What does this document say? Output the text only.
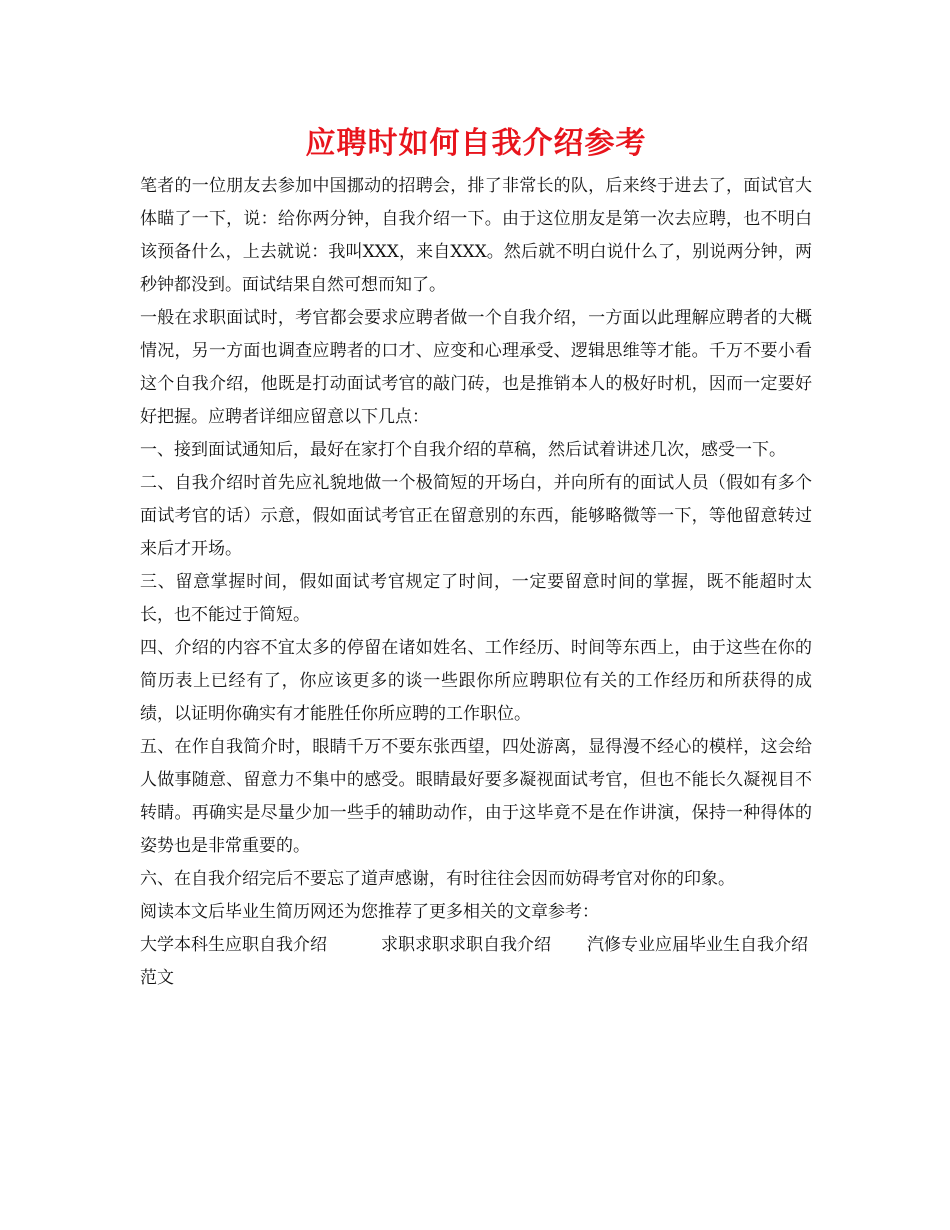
应聘时如何自我介绍参考

笔者的一位朋友去参加中国挪动的招聘会，排了非常长的队，后来终于进去了，面试官大体瞄了一下，说：给你两分钟，自我介绍一下。由于这位朋友是第一次去应聘，也不明白该预备什么，上去就说：我叫XXX，来自XXX。然后就不明白说什么了，别说两分钟，两秒钟都没到。面试结果自然可想而知了。

一般在求职面试时，考官都会要求应聘者做一个自我介绍，一方面以此理解应聘者的大概情况，另一方面也调查应聘者的口才、应变和心理承受、逻辑思维等才能。千万不要小看这个自我介绍，他既是打动面试考官的敲门砖，也是推销本人的极好时机，因而一定要好好把握。应聘者详细应留意以下几点：

一、接到面试通知后，最好在家打个自我介绍的草稿，然后试着讲述几次，感受一下。

二、自我介绍时首先应礼貌地做一个极简短的开场白，并向所有的面试人员（假如有多个面试考官的话）示意，假如面试考官正在留意别的东西，能够略微等一下，等他留意转过来后才开场。

三、留意掌握时间，假如面试考官规定了时间，一定要留意时间的掌握，既不能超时太长，也不能过于简短。

四、介绍的内容不宜太多的停留在诸如姓名、工作经历、时间等东西上，由于这些在你的简历表上已经有了，你应该更多的谈一些跟你所应聘职位有关的工作经历和所获得的成绩，以证明你确实有才能胜任你所应聘的工作职位。

五、在作自我简介时，眼睛千万不要东张西望，四处游离，显得漫不经心的模样，这会给人做事随意、留意力不集中的感受。眼睛最好要多凝视面试考官，但也不能长久凝视目不转睛。再确实是尽量少加一些手的辅助动作，由于这毕竟不是在作讲演，保持一种得体的姿势也是非常重要的。

六、在自我介绍完后不要忘了道声感谢，有时往往会因而妨碍考官对你的印象。

阅读本文后毕业生简历网还为您推荐了更多相关的文章参考：

大学本科生应职自我介绍	求职求职求职自我介绍 汽修专业应届毕业生自我介绍范文
